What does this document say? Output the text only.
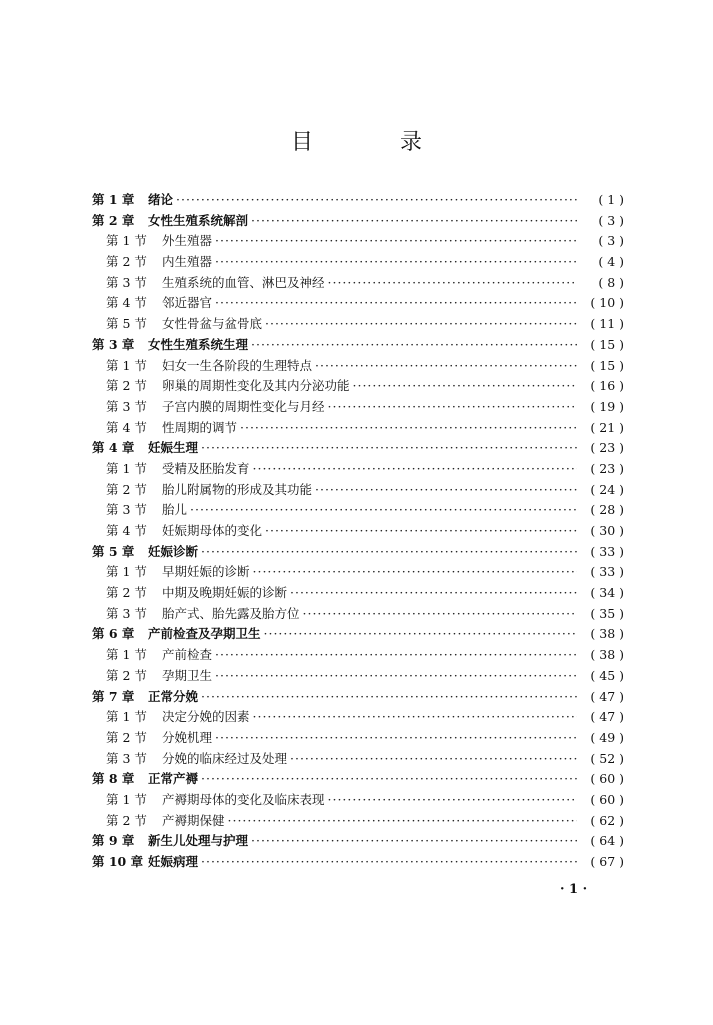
目 录
第 1 章	绪论 ·····	( 1 )
第 2 章	女性生殖系统解剖 ·····	( 3 )
第 1 节	外生殖器 ·····	( 3 )
第 2 节	内生殖器 ·····	( 4 )
第 3 节	生殖系统的血管、淋巴及神经 ·····	( 8 )
第 4 节	邻近器官 ·····	( 10 )
第 5 节	女性骨盆与盆骨底 ·····	( 11 )
第 3 章	女性生殖系统生理 ·····	( 15 )
第 1 节	妇女一生各阶段的生理特点 ·····	( 15 )
第 2 节	卵巢的周期性变化及其内分泌功能 ·····	( 16 )
第 3 节	子宫内膜的周期性变化与月经 ·····	( 19 )
第 4 节	性周期的调节 ·····	( 21 )
第 4 章	妊娠生理 ·····	( 23 )
第 1 节	受精及胚胎发育 ·····	( 23 )
第 2 节	胎儿附属物的形成及其功能 ·····	( 24 )
第 3 节	胎儿 ·····	( 28 )
第 4 节	妊娠期母体的变化 ·····	( 30 )
第 5 章	妊娠诊断 ·····	( 33 )
第 1 节	早期妊娠的诊断 ·····	( 33 )
第 2 节	中期及晚期妊娠的诊断 ·····	( 34 )
第 3 节	胎产式、胎先露及胎方位 ·····	( 35 )
第 6 章	产前检查及孕期卫生 ·····	( 38 )
第 1 节	产前检查 ·····	( 38 )
第 2 节	孕期卫生 ·····	( 45 )
第 7 章	正常分娩 ·····	( 47 )
第 1 节	决定分娩的因素 ·····	( 47 )
第 2 节	分娩机理 ·····	( 49 )
第 3 节	分娩的临床经过及处理 ·····	( 52 )
第 8 章	正常产褥 ·····	( 60 )
第 1 节	产褥期母体的变化及临床表现 ·····	( 60 )
第 2 节	产褥期保健 ·····	( 62 )
第 9 章	新生儿处理与护理 ·····	( 64 )
第 10 章 妊娠病理 ·····	( 67 )
· 1 ·
